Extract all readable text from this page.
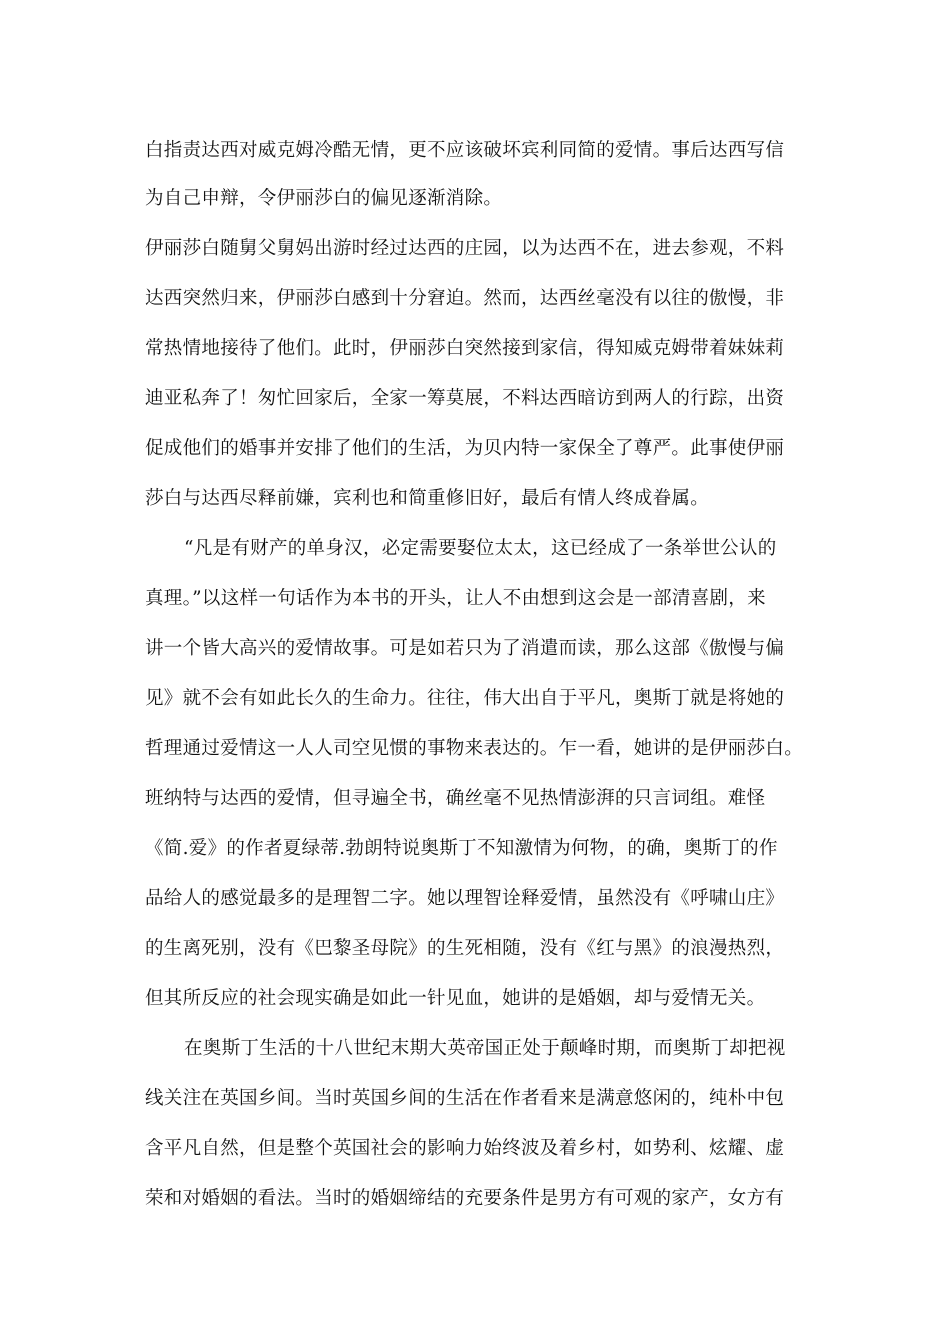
白指责达西对威克姆冷酷无情，更不应该破坏宾利同简的爱情。事后达西写信
为自己申辩，令伊丽莎白的偏见逐渐消除。
伊丽莎白随舅父舅妈出游时经过达西的庄园，以为达西不在，进去参观，不料
达西突然归来，伊丽莎白感到十分窘迫。然而，达西丝毫没有以往的傲慢，非
常热情地接待了他们。此时，伊丽莎白突然接到家信，得知威克姆带着妹妹莉
迪亚私奔了！匆忙回家后，全家一筹莫展，不料达西暗访到两人的行踪，出资
促成他们的婚事并安排了他们的生活，为贝内特一家保全了尊严。此事使伊丽
莎白与达西尽释前嫌，宾利也和简重修旧好，最后有情人终成眷属。
“凡是有财产的单身汉，必定需要娶位太太，这已经成了一条举世公认的
真理。”以这样一句话作为本书的开头，让人不由想到这会是一部清喜剧，来
讲一个皆大高兴的爱情故事。可是如若只为了消遣而读，那么这部《傲慢与偏
见》就不会有如此长久的生命力。往往，伟大出自于平凡，奥斯丁就是将她的
哲理通过爱情这一人人司空见惯的事物来表达的。乍一看，她讲的是伊丽莎白。
班纳特与达西的爱情，但寻遍全书，确丝毫不见热情澎湃的只言词组。难怪
《简.爱》的作者夏绿蒂.勃朗特说奥斯丁不知激情为何物，的确，奥斯丁的作
品给人的感觉最多的是理智二字。她以理智诠释爱情，虽然没有《呼啸山庄》
的生离死别，没有《巴黎圣母院》的生死相随，没有《红与黑》的浪漫热烈，
但其所反应的社会现实确是如此一针见血，她讲的是婚姻，却与爱情无关。
在奥斯丁生活的十八世纪末期大英帝国正处于颠峰时期，而奥斯丁却把视
线关注在英国乡间。当时英国乡间的生活在作者看来是满意悠闲的，纯朴中包
含平凡自然，但是整个英国社会的影响力始终波及着乡村，如势利、炫耀、虚
荣和对婚姻的看法。当时的婚姻缔结的充要条件是男方有可观的家产，女方有
